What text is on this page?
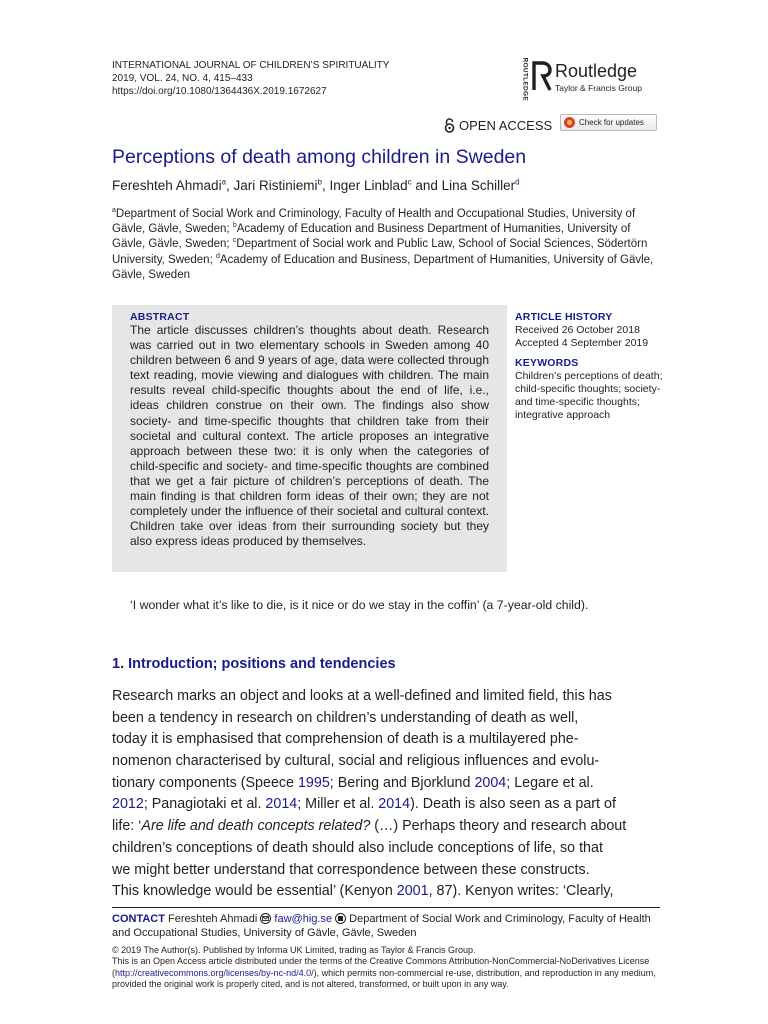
INTERNATIONAL JOURNAL OF CHILDREN’S SPIRITUALITY
2019, VOL. 24, NO. 4, 415–433
https://doi.org/10.1080/1364436X.2019.1672627	ROUTLEDGE Routledge
Taylor & Francis Group
OPEN ACCESS	Check for updates
Perceptions of death among children in Sweden
Fereshteh Ahmadi$^a$, Jari Ristiniemi$^b$, Inger Linblad$^c$ and Lina Schiller$^d$
$^a$Department of Social Work and Criminology, Faculty of Health and Occupational Studies, University of Gävle, Gävle, Sweden; $^b$Academy of Education and Business Department of Humanities, University of Gävle, Gävle, Sweden; $^c$Department of Social work and Public Law, School of Social Sciences, Södertörn University, Sweden; $^d$Academy of Education and Business, Department of Humanities, University of Gävle, Gävle, Sweden
ABSTRACT
The article discusses children’s thoughts about death. Research was carried out in two elementary schools in Sweden among 40 children between 6 and 9 years of age, data were collected through text reading, movie viewing and dialogues with children. The main results reveal child-specific thoughts about the end of life, i.e., ideas children construe on their own. The findings also show society- and time-specific thoughts that children take from their societal and cultural context. The article proposes an integrative approach between these two: it is only when the categories of child-specific and society- and time-specific thoughts are combined that we get a fair picture of children’s perceptions of death. The main finding is that children form ideas of their own; they are not completely under the influence of their societal and cultural context. Children take over ideas from their surrounding society but they also express ideas produced by themselves.
ARTICLE HISTORY
Received 26 October 2018
Accepted 4 September 2019
KEYWORDS
Children’s perceptions of death; child-specific thoughts; society- and time-specific thoughts; integrative approach
‘I wonder what it’s like to die, is it nice or do we stay in the coffin’ (a 7-year-old child).
1. Introduction; positions and tendencies
Research marks an object and looks at a well-defined and limited field, this has
been a tendency in research on children’s understanding of death as well,
today it is emphasised that comprehension of death is a multilayered phe-
nomenon characterised by cultural, social and religious influences and evolu-
tionary components (Speece 1995; Bering and Bjorklund 2004; Legare et al.
2012; Panagiotaki et al. 2014; Miller et al. 2014). Death is also seen as a part of
life: ‘Are life and death concepts related? (…) Perhaps theory and research about
children’s conceptions of death should also include conceptions of life, so that
we might better understand that correspondence between these constructs.
This knowledge would be essential’ (Kenyon 2001, 87). Kenyon writes: ‘Clearly,
CONTACT Fereshteh Ahmadi  faw@hig.se  Department of Social Work and Criminology, Faculty of Health and Occupational Studies, University of Gävle, Gävle, Sweden
© 2019 The Author(s). Published by Informa UK Limited, trading as Taylor & Francis Group.
This is an Open Access article distributed under the terms of the Creative Commons Attribution-NonCommercial-NoDerivatives License (http://creativecommons.org/licenses/by-nc-nd/4.0/), which permits non-commercial re-use, distribution, and reproduction in any medium, provided the original work is properly cited, and is not altered, transformed, or built upon in any way.
